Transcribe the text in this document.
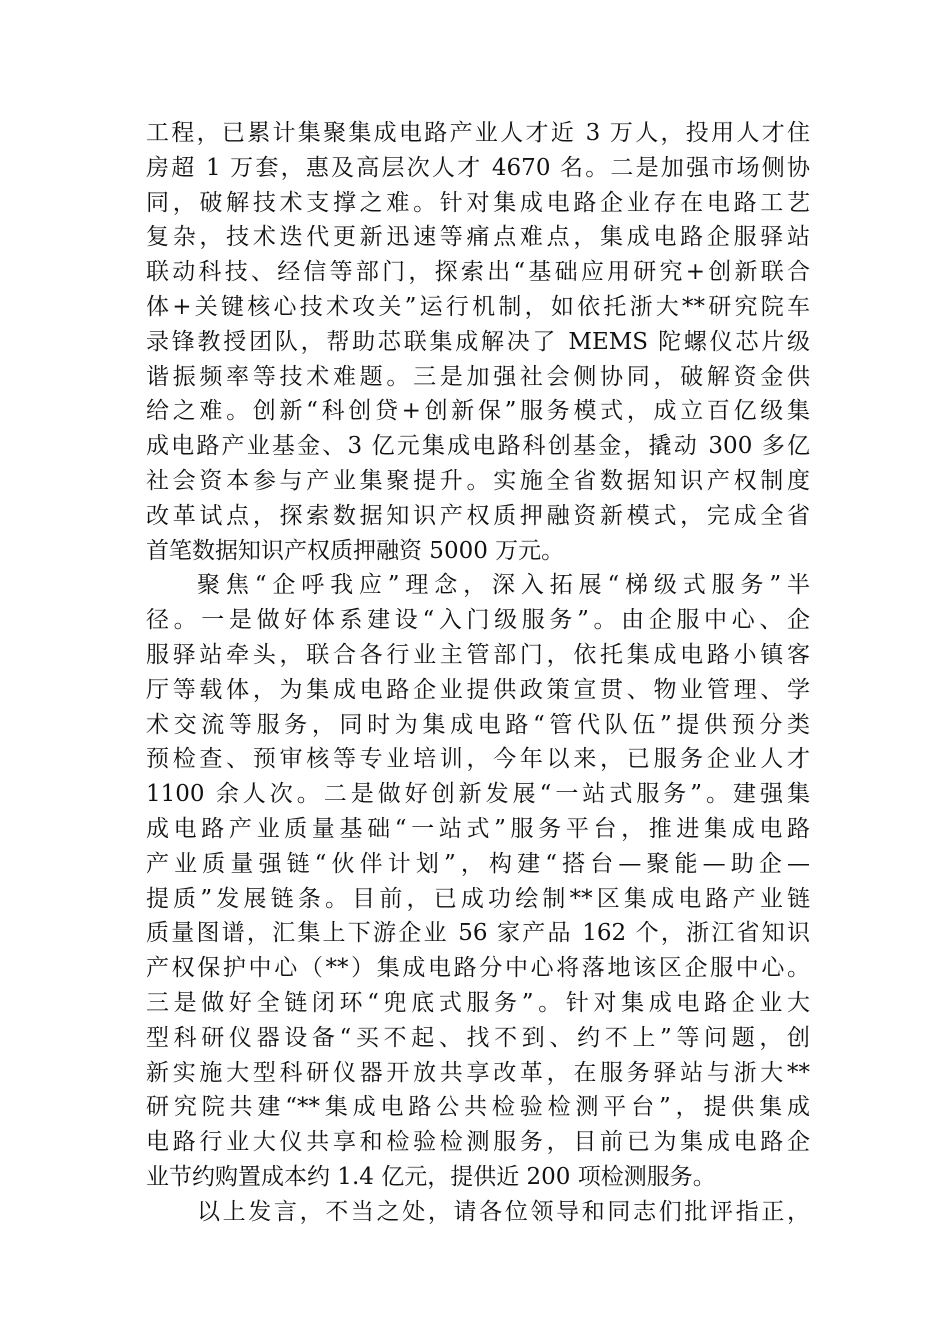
工程，已累计集聚集成电路产业人才近 3 万人，投用人才住
房超 1 万套，惠及高层次人才 4670 名。二是加强市场侧协
同，破解技术支撑之难。针对集成电路企业存在电路工艺
复杂，技术迭代更新迅速等痛点难点，集成电路企服驿站
联动科技、经信等部门，探索出“基础应用研究+创新联合
体+关键核心技术攻关”运行机制，如依托浙大**研究院车
录锋教授团队，帮助芯联集成解决了 MEMS 陀螺仪芯片级
谐振频率等技术难题。三是加强社会侧协同，破解资金供
给之难。创新“科创贷+创新保”服务模式，成立百亿级集
成电路产业基金、3 亿元集成电路科创基金，撬动 300 多亿
社会资本参与产业集聚提升。实施全省数据知识产权制度
改革试点，探索数据知识产权质押融资新模式，完成全省
首笔数据知识产权质押融资 5000 万元。
聚焦“企呼我应”理念，深入拓展“梯级式服务”半
径。一是做好体系建设“入门级服务”。由企服中心、企
服驿站牵头，联合各行业主管部门，依托集成电路小镇客
厅等载体，为集成电路企业提供政策宣贯、物业管理、学
术交流等服务，同时为集成电路“管代队伍”提供预分类
预检查、预审核等专业培训，今年以来，已服务企业人才
1100 余人次。二是做好创新发展“一站式服务”。建强集
成电路产业质量基础“一站式”服务平台，推进集成电路
产业质量强链“伙伴计划”，构建“搭台—聚能—助企—
提质”发展链条。目前，已成功绘制**区集成电路产业链
质量图谱，汇集上下游企业 56 家产品 162 个，浙江省知识
产权保护中心（**）集成电路分中心将落地该区企服中心。
三是做好全链闭环“兜底式服务”。针对集成电路企业大
型科研仪器设备“买不起、找不到、约不上”等问题，创
新实施大型科研仪器开放共享改革，在服务驿站与浙大**
研究院共建“**集成电路公共检验检测平台”，提供集成
电路行业大仪共享和检验检测服务，目前已为集成电路企
业节约购置成本约 1.4 亿元，提供近 200 项检测服务。
以上发言，不当之处，请各位领导和同志们批评指正，
